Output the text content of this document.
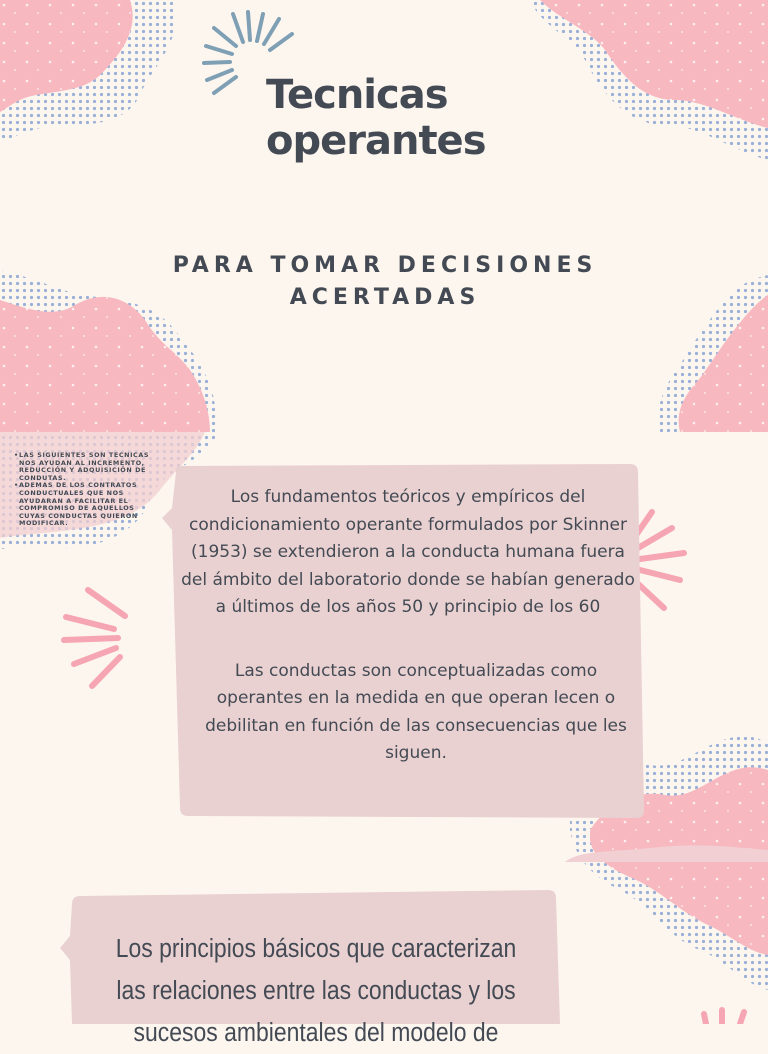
Tecnicas
operantes
PARA TOMAR DECISIONES
ACERTADAS
• LAS SIGUIENTES SON TECNICAS NOS AYUDAN AL INCREMENTO, REDUCCIÓN Y ADQUISICIÓN DE CONDUTAS.
• ADEMAS DE LOS CONTRATOS CONDUCTUALES QUE NOS AYUDARAN A FACILITAR EL COMPROMISO DE AQUELLOS CUYAS CONDUCTAS QUIERON MODIFICAR.

Los fundamentos teóricos y empíricos del condicionamiento operante formulados por Skinner (1953) se extendieron a la conducta humana fuera del ámbito del laboratorio donde se habían generado a últimos de los años 50 y principio de los 60

Las conductas son conceptualizadas como operantes en la medida en que operan lecen o debilitan en función de las consecuencias que les siguen.

Los principios básicos que caracterizan las relaciones entre las conductas y los sucesos ambientales del modelo de
